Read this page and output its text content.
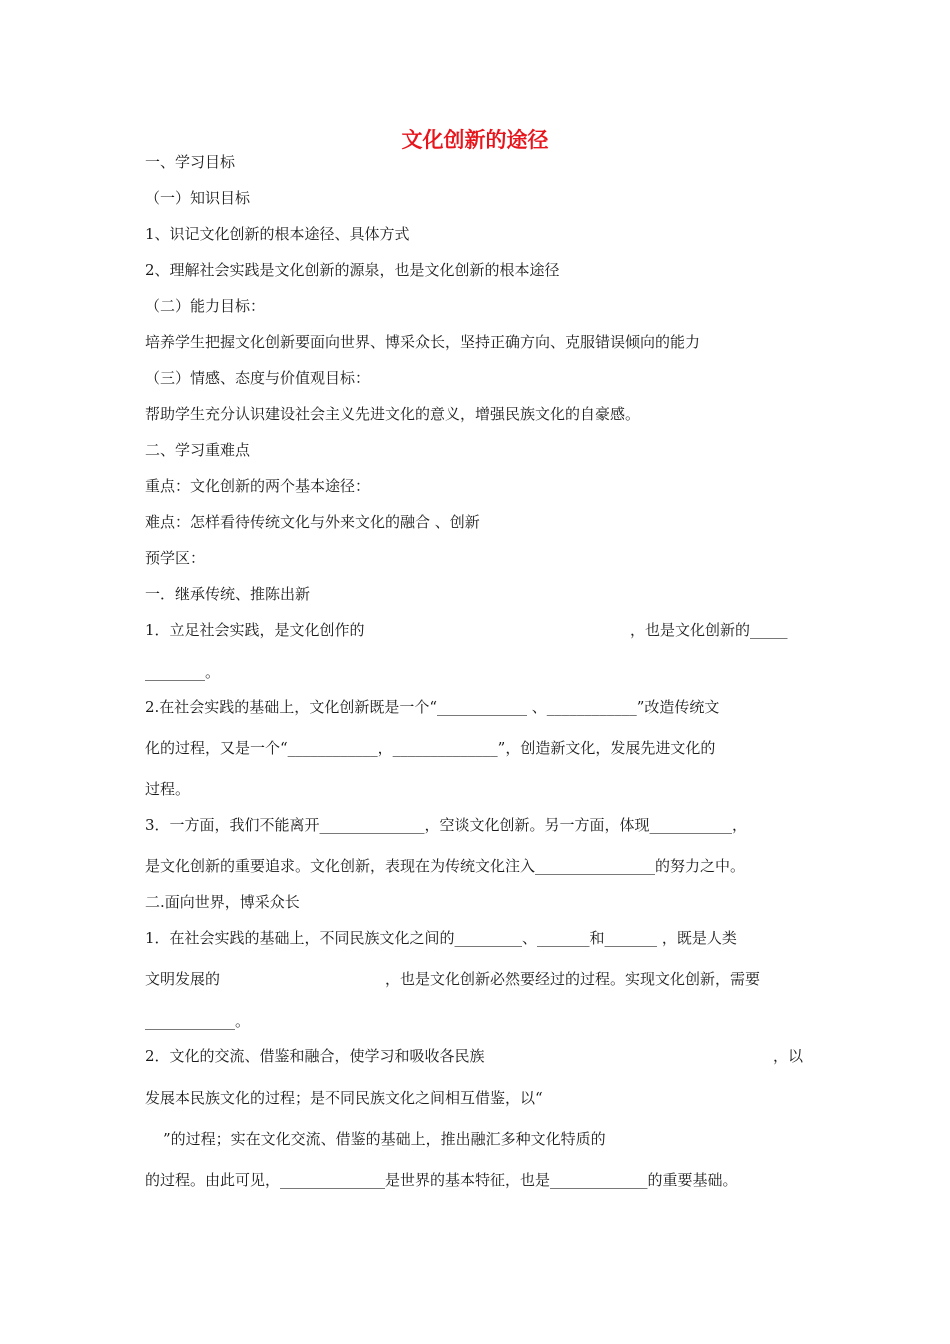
文化创新的途径
一、学习目标
（一）知识目标
1、识记文化创新的根本途径、具体方式
2、理解社会实践是文化创新的源泉，也是文化创新的根本途径
（二）能力目标：
培养学生把握文化创新要面向世界、博采众长，坚持正确方向、克服错误倾向的能力
（三）情感、态度与价值观目标：
帮助学生充分认识建设社会主义先进文化的意义，增强民族文化的自豪感。
二、学习重难点
重点：文化创新的两个基本途径：
难点：怎样看待传统文化与外来文化的融合 、创新
预学区：
一．继承传统、推陈出新
1．立足社会实践，是文化创作的	，也是文化创新的_____
________。
2.在社会实践的基础上，文化创新既是一个“____________ 、____________”改造传统文
化的过程，又是一个“____________，______________”，创造新文化，发展先进文化的
过程。
3．一方面，我们不能离开______________，空谈文化创新。另一方面，体现___________，
是文化创新的重要追求。文化创新，表现在为传统文化注入________________的努力之中。
二.面向世界，博采众长
1．在社会实践的基础上，不同民族文化之间的_________、_______和_______ ，既是人类
文明发展的	，也是文化创新必然要经过的过程。实现文化创新，需要
____________。
2．文化的交流、借鉴和融合，使学习和吸收各民族	，以
发展本民族文化的过程；是不同民族文化之间相互借鉴，以“
”的过程；实在文化交流、借鉴的基础上，推出融汇多种文化特质的
的过程。由此可见，______________是世界的基本特征，也是_____________的重要基础。
